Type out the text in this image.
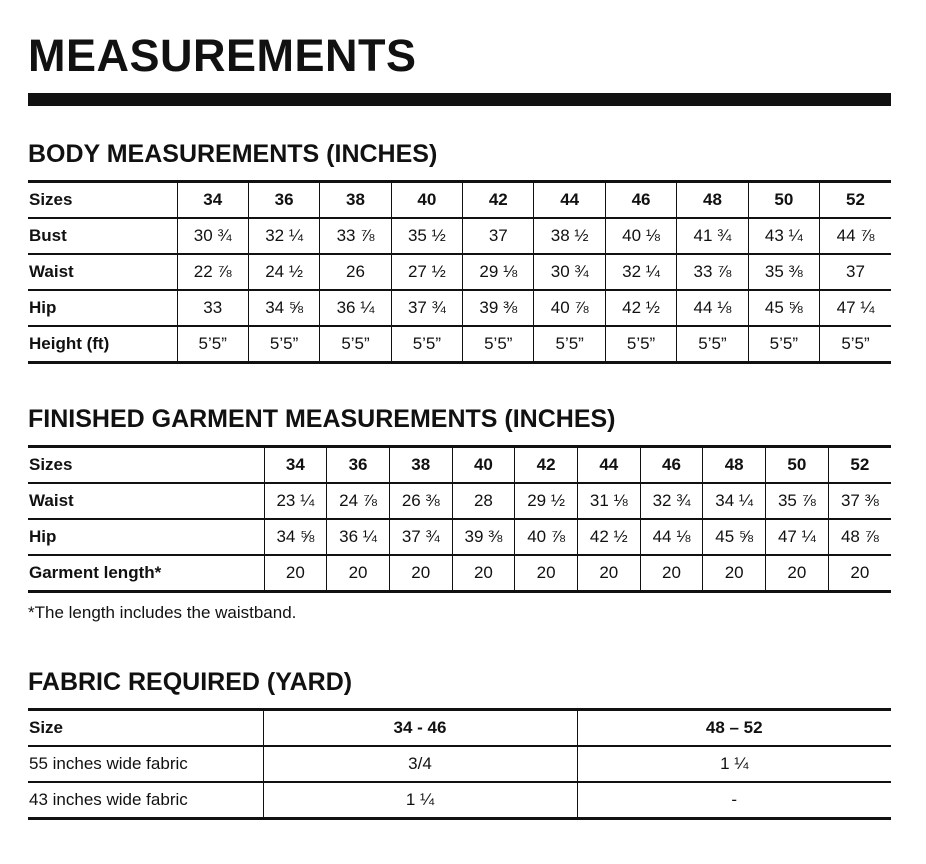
MEASUREMENTS
BODY MEASUREMENTS (INCHES)
Sizes	34	36	38	40	42	44	46	48	50	52
Bust	30 ¾	32 ¼	33 ⅞	35 ½	37	38 ½	40 ⅛	41 ¾	43 ¼	44 ⅞
Waist	22 ⅞	24 ½	26	27 ½	29 ⅛	30 ¾	32 ¼	33 ⅞	35 ⅜	37
Hip	33	34 ⅝	36 ¼	37 ¾	39 ⅜	40 ⅞	42 ½	44 ⅛	45 ⅝	47 ¼
Height (ft)	5’5”	5’5”	5’5”	5’5”	5’5”	5’5”	5’5”	5’5”	5’5”	5’5”
FINISHED GARMENT MEASUREMENTS (INCHES)
Sizes	34	36	38	40	42	44	46	48	50	52
Waist	23 ¼	24 ⅞	26 ⅜	28	29 ½	31 ⅛	32 ¾	34 ¼	35 ⅞	37 ⅜
Hip	34 ⅝	36 ¼	37 ¾	39 ⅜	40 ⅞	42 ½	44 ⅛	45 ⅝	47 ¼	48 ⅞
Garment length*	20	20	20	20	20	20	20	20	20	20

*The length includes the waistband.

FABRIC REQUIRED (YARD)
Size	34 - 46	48 – 52
55 inches wide fabric	3/4	1 ¼
43 inches wide fabric	1 ¼	-
